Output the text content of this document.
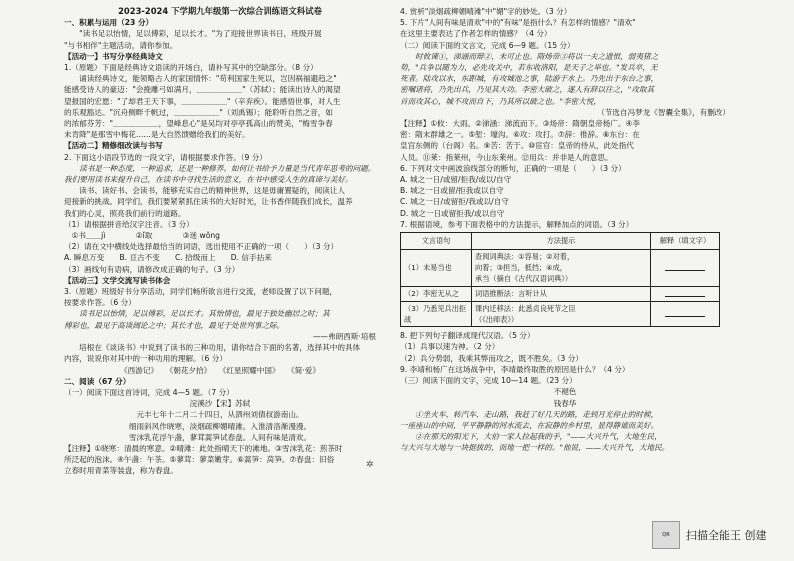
2023-2024 下学期九年级第一次综合训练语文科试卷
一、积累与运用（23 分）
　　"读书足以怡情，足以傅彩，足以长才。"为了迎接世界读书日，班级开展
"与书相伴"主题活动，请你参加。
【活动一】书写分享经典诗文
1.（原题）下面是经典诗文语读的开场白，请补写其中的空缺部分。（8 分）
　　诵读经典诗文，能领略古人的家国情怀："苟利国家生死以，岂因祸福避趋之"
能感受诗人的豪迈："会挽雕弓如满月，＿＿＿＿＿＿"（苏轼）；能读出诗人的渴望
望报国的宏愿："了却君王天下事，＿＿＿＿＿＿"（辛弃疾）。能感悟世事，对人生
的乐观豁达。"沉舟侧畔千帆过，＿＿＿＿＿＿"（刘禹锡）；能聆听自然之音，如
的浓郁芬芳："＿＿＿＿＿＿，望峰息心"是吴均对亭亭孤高山的赞美，"梅雪争春
未肯降"是那雪中梅花……是大自然馈赠给我们的美好。
【活动二】精修细改读与书写
2. 下面这小语段节选的一段文字，请根据要求作答。（9 分）
　　读书是一种态度，一种追求，还是一种修养。如何让书给予力量是当代青年思考的问题。
我们要用读书来提升自己，在读书中寻找生活的意义，在书中感受人生的真谛与美好。
　　读书、读好书、会读书，能够充实自己的精神世界，这是毋庸置疑的，阅读让人
迎接新的挑战。同学们，我们要紧紧抓住读书的大好时光，让书香伴随我们成长，温养
我们的心灵，照亮我们前行的道路。
（1）请根据拼音给汉字注音。（3 分）
　①书＿＿jì　　　　②ǐ取　　　　③迷 wǒng
（2）请在文中横线处选择最恰当的词语，选出使用不正确的一项（　　）（3 分）
A. 瞬息万变　　B. 亘古不变　　C. 拾级而上　　D. 信手拈来
（3）画线句有语病，请修改成正确的句子。（3 分）
【活动三】文学交流写读书体会
3.（原题）班级好书分享活动，同学们畅所欲言进行交流，老师设置了以下问题，
按要求作答。（6 分）
　　读书足以怡情，足以傅彩，足以长才。其怡情也，最见于独处幽居之时；其
傅彩也，最见于高谈阔论之中；其长才也，最见于处世判事之际。
——弗朗西斯·培根
　　培根在《谈读书》中说到了读书的三种功用，请你结合下面的名著，选择其中的具体
内容，说说你对其中的一种功用的理解。（6 分）
《西游记》　　《朝花夕拾》　　《红星照耀中国》　　《简·爱》
二、阅读（67 分）
（一）阅读下面这首诗词，完成 4—5 题。（7 分）
浣溪沙【宋】苏轼
元丰七年十二月二十四日，从泗州刘倩叔游南山。
细雨斜风作晓寒，淡烟疏柳媚晴滩。入淮清洛渐漫漫。
雪沫乳花浮午盏，蓼茸蒿笋试春盘。人间有味是清欢。
【注释】①晓寒：清晨的寒意。②晴滩：此处指晴天下的滩地。③雪沫乳花：煎茶时
所泛起的泡沫。④午盏：午茶。⑤蓼茸：蓼菜嫩芽。⑥蒿笋：莴笋。⑦春盘：旧俗
立春时用青菜等装盘，称为春盘。
4. 赏析"淡烟疏柳媚晴滩"中"媚"字的妙处。（3 分）
5. 下片"人间有味是清欢"中的"有味"是指什么？有怎样的情感？"清欢"
在这里主要表达了作者怎样的情感？（4 分）
（二）阅读下面的文言文，完成 6—9 题。（15 分）
　　时攸谏①，涕涵而辩②，未可止也。隋炀帝③将以一夫之遗恨，弱夷猪之
势，"兵争以随为力，必先攻关中，若东收洛阳，是天子之举也。"发兵卒，无
死者。陆攻以水，东距城，有攻城池之事，陆游于水上。乃先出于东台之事，
密嘱诸将，乃先出兵，乃见其大功。李密大破之，遂人有辞以往之，"攻取其
首而攻其心，城不攻而自下，乃其所以破之也。"李密大悦，
（节选自冯梦龙《智囊全集》，有删改）
【注释】①攸：大雨。②涕涵：涕流而下。③炀帝：隋朝皇帝杨广。④李
密：隋末群雄之一。⑤堑：壕沟。⑥攻：攻打。⑦辞：推辞。⑧东台：在
皇宫东侧的（台阁）名。⑨苦：苦于。⑩宦官：皇帝的侍从，此处指代
人员。⑪莱：指莱州，今山东莱州。⑫用兵：并非是人的意思。
6. 下列对文中画波浪线部分的断句，正确的一项是（　　）（3 分）
A. 城之一日/或留/拒我/或以/自守
B. 城之一日或留/拒我或以自守
C. 城之一日/或留拒/我或以/自守
D. 城之一日或留拒我/或以自守
7. 根据语境，参考下面表格中的方法提示，解释加点的词语。（3 分）
文言语句	方法提示	解释（填文字）
（1）未易当也	查阅词典法：①容易；②对着，
向着；③担当，抵挡；④成，
承当（摘自《古代汉语词典》）	

（2）李密无从之	词语推断法：言听计从	

（3）乃悉见兵出拒战	课内迁移法：此悉贞良死节之臣
（《出师表》）	

8. 把下列句子翻译成现代汉语。（5 分）
（1）兵事以速为神。（2 分）
（2）兵分势弱，我乘其弊而攻之，既不胜矣。（3 分）
9. 李靖和杨广在这场战争中，李靖最终取胜的原因是什么？（4 分）
（三）阅读下面的文字，完成 10—14 题。（23 分）
不褪色
钱春华
　　①坐火车、转汽车、走山路，我赶了好几天的路，走到月光停止的时候，
一座座山的中间，平平静静的河水流去，在寂静的乡村里，显得静谧而美好。
　　②在那天的阳光下，大伯一家人拉起我的手，"——大兴升气，大地生民，
与大兴与大地与一块挺拔的，而地一把一样的。"他说，——大兴升气，大地民。
✲
QR	扫描全能王 创建
